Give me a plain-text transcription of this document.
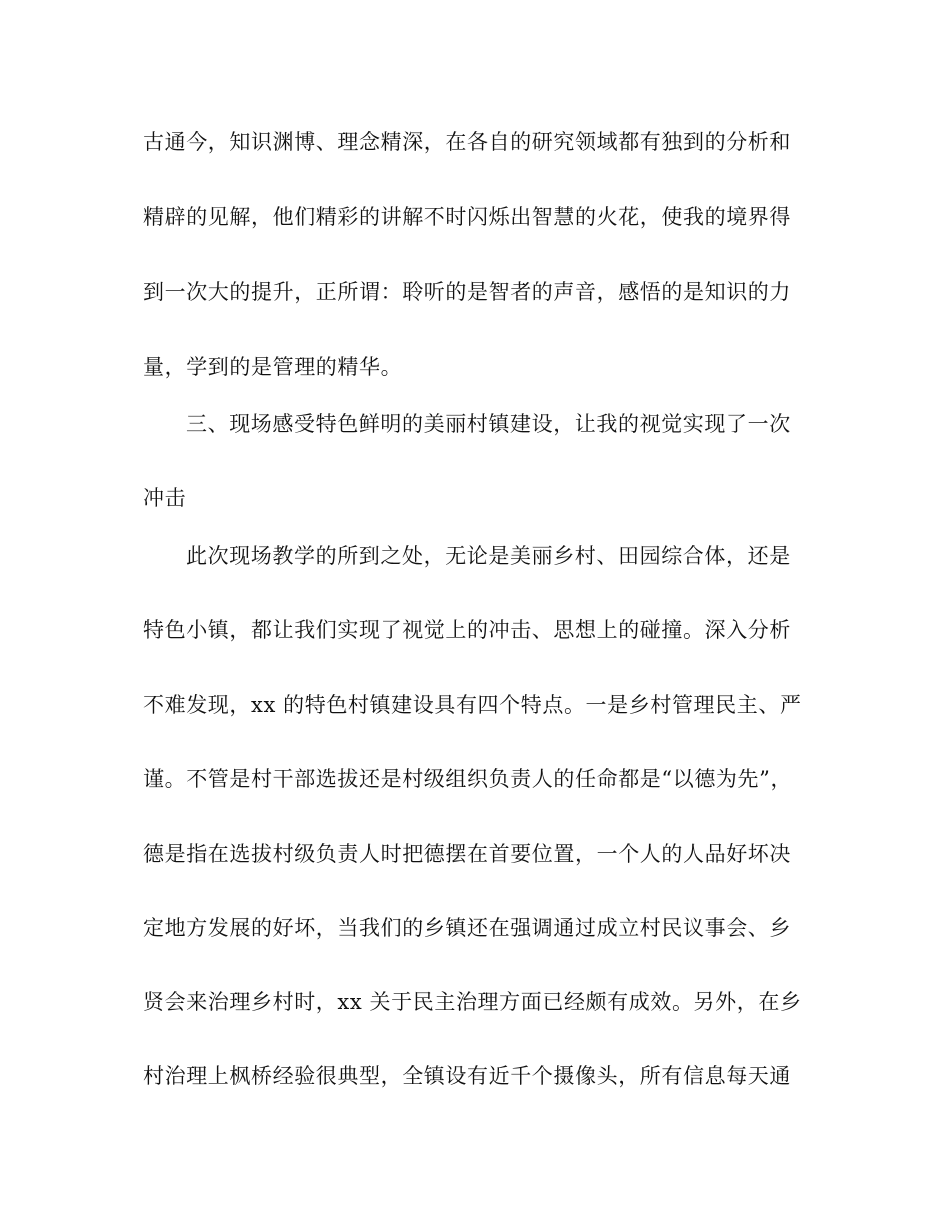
古通今，知识渊博、理念精深，在各自的研究领域都有独到的分析和
精辟的见解，他们精彩的讲解不时闪烁出智慧的火花，使我的境界得
到一次大的提升，正所谓：聆听的是智者的声音，感悟的是知识的力
量，学到的是管理的精华。
三、现场感受特色鲜明的美丽村镇建设，让我的视觉实现了一次
冲击
此次现场教学的所到之处，无论是美丽乡村、田园综合体，还是
特色小镇，都让我们实现了视觉上的冲击、思想上的碰撞。深入分析
不难发现，xx 的特色村镇建设具有四个特点。一是乡村管理民主、严
谨。不管是村干部选拔还是村级组织负责人的任命都是“以德为先”，
德是指在选拔村级负责人时把德摆在首要位置，一个人的人品好坏决
定地方发展的好坏，当我们的乡镇还在强调通过成立村民议事会、乡
贤会来治理乡村时，xx 关于民主治理方面已经颇有成效。另外，在乡
村治理上枫桥经验很典型，全镇设有近千个摄像头，所有信息每天通
